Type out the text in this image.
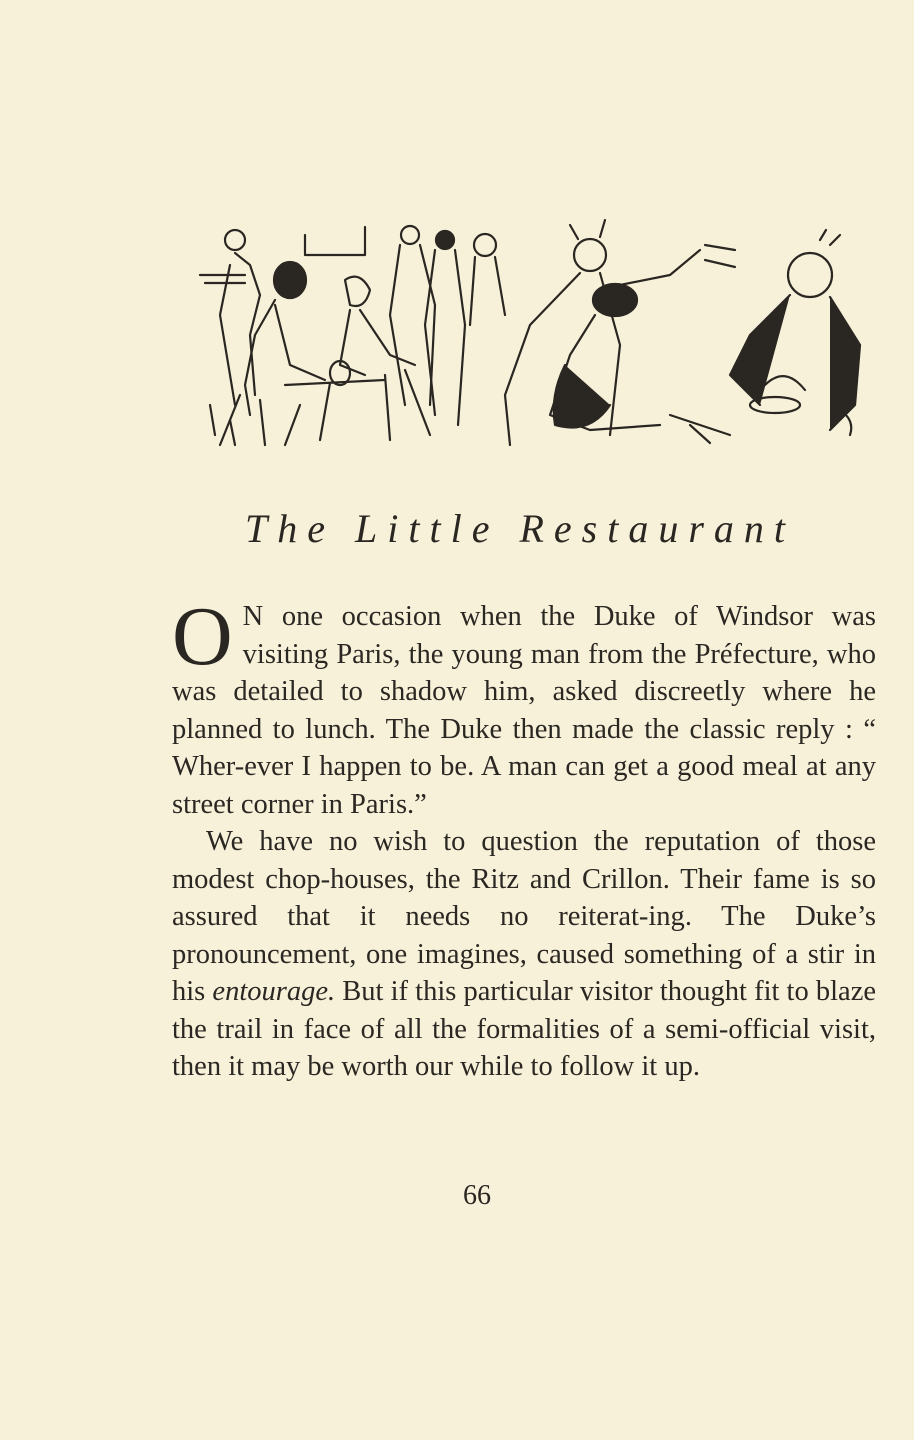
The Little Restaurant

O N one occasion when the Duke of Windsor was visiting Paris, the young man from the Préfecture, who was detailed to shadow him, asked discreetly where he planned to lunch. The Duke then made the classic reply : “ Wher-ever I happen to be. A man can get a good meal at any street corner in Paris.”

We have no wish to question the reputation of those modest chop-houses, the Ritz and Crillon. Their fame is so assured that it needs no reiterat-ing. The Duke’s pronouncement, one imagines, caused something of a stir in his entourage. But if this particular visitor thought fit to blaze the trail in face of all the formalities of a semi-official visit, then it may be worth our while to follow it up.

66
